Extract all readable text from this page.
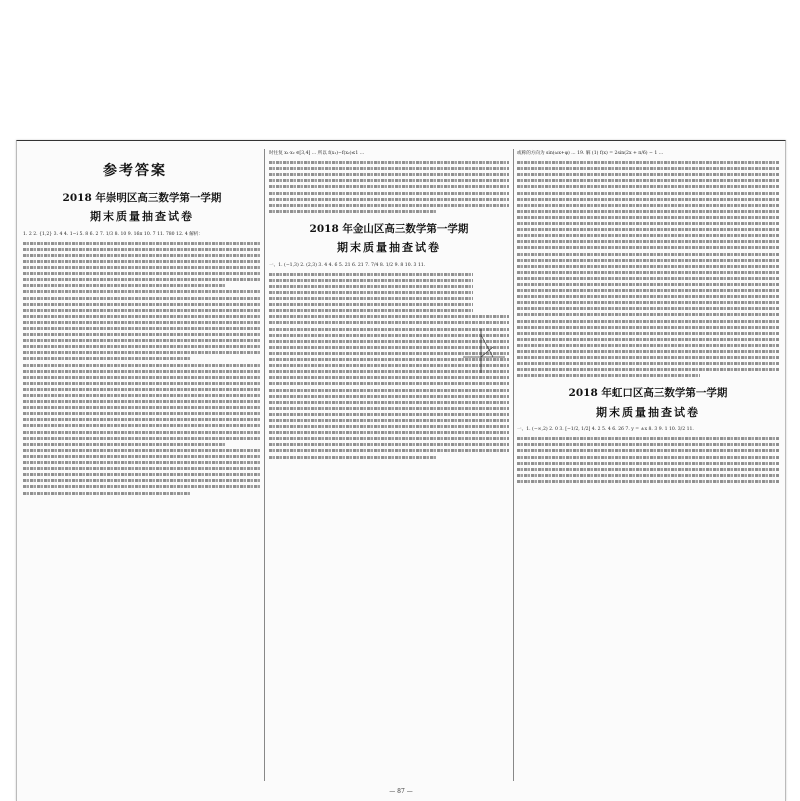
参考答案
2018 年崇明区高三数学第一学期
期末质量抽查试卷

1. 2 2. {1,2} 3. 4 4. 1−i 5. 8 6. 2 7. 1/3 8. 10 9. 16π 10. 7 11. 780 12. 4 解析：

时往复 x₁·x₂ ∈[3,4] ... 所以 f(x₁)−f(x₂)≤1 ...

2018 年金山区高三数学第一学期
期末质量抽查试卷

一、1. (−1,3) 2. (2,3) 3. 4 4. 6 5. 21 6. 21 7. 7/4 8. 1/2 9. 8 10. 3 11.

或称的方向为 sin(ωx+φ) ... 19. 解 (1) f(x) = 2sin(2x + π/6) − 1 ...

2018 年虹口区高三数学第一学期
期末质量抽查试卷

一、1. (−∞,2) 2. 0 3. [−1/2, 1/2] 4. 2 5. 4 6. 26 7. y = ±x 8. 3 9. 1 10. 3/2 11.

— 87 —
